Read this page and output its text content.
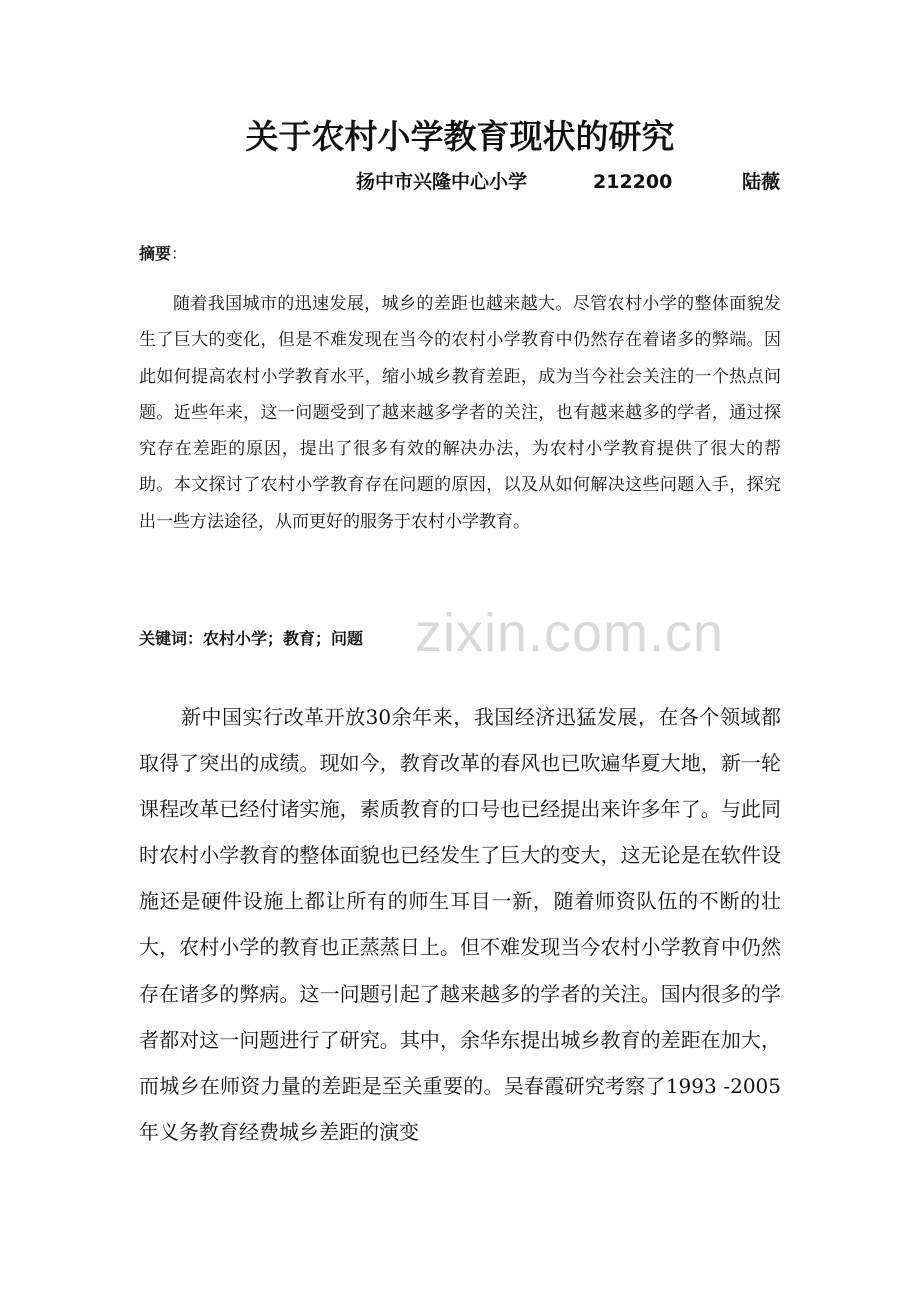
关于农村小学教育现状的研究
扬中市兴隆中心小学	212200	陆薇
摘要：

随着我国城市的迅速发展，城乡的差距也越来越大。尽管农村小学的整体面貌发生了巨大的变化，但是不难发现在当今的农村小学教育中仍然存在着诸多的弊端。因此如何提高农村小学教育水平，缩小城乡教育差距，成为当今社会关注的一个热点问题。近些年来，这一问题受到了越来越多学者的关注，也有越来越多的学者，通过探究存在差距的原因，提出了很多有效的解决办法，为农村小学教育提供了很大的帮助。本文探讨了农村小学教育存在问题的原因，以及从如何解决这些问题入手，探究出一些方法途径，从而更好的服务于农村小学教育。

关键词：农村小学；教育；问题 zixin.com.cn

新中国实行改革开放30余年来，我国经济迅猛发展，在各个领域都取得了突出的成绩。现如今，教育改革的春风也已吹遍华夏大地，新一轮课程改革已经付诸实施，素质教育的口号也已经提出来许多年了。与此同时农村小学教育的整体面貌也已经发生了巨大的变大，这无论是在软件设施还是硬件设施上都让所有的师生耳目一新，随着师资队伍的不断的壮大，农村小学的教育也正蒸蒸日上。但不难发现当今农村小学教育中仍然存在诸多的弊病。这一问题引起了越来越多的学者的关注。国内很多的学者都对这一问题进行了研究。其中，余华东提出城乡教育的差距在加大，而城乡在师资力量的差距是至关重要的。吴春霞研究考察了1993 -2005年义务教育经费城乡差距的演变
